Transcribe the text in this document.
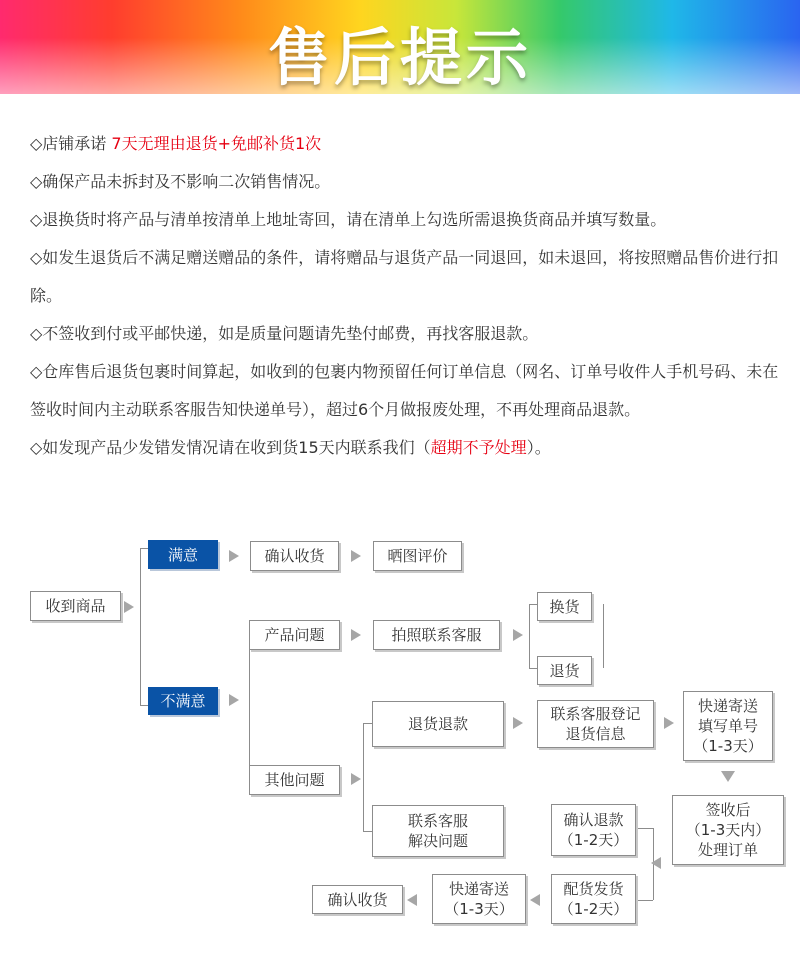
售后提示

◇店铺承诺 7天无理由退货+免邮补货1次

◇确保产品未拆封及不影响二次销售情况。

◇退换货时将产品与清单按清单上地址寄回，请在清单上勾选所需退换货商品并填写数量。

◇如发生退货后不满足赠送赠品的条件，请将赠品与退货产品一同退回，如未退回，将按照赠品售价进行扣除。

◇不签收到付或平邮快递，如是质量问题请先垫付邮费，再找客服退款。

◇仓库售后退货包裹时间算起，如收到的包裹内物预留任何订单信息（网名、订单号收件人手机号码、未在签收时间内主动联系客服告知快递单号），超过6个月做报废处理，不再处理商品退款。

◇如发现产品少发错发情况请在收到货15天内联系我们（超期不予处理）。

收到商品
满意	确认收货	晒图评价
不满意
产品问题	拍照联系客服
换货
退货
其他问题
退货退款
联系客服登记
退货信息
快递寄送
填写单号
（1-3天）
签收后
（1-3天内）
处理订单
联系客服
解决问题
确认退款
（1-2天）
配货发货
（1-2天）
快递寄送
（1-3天）
确认收货
